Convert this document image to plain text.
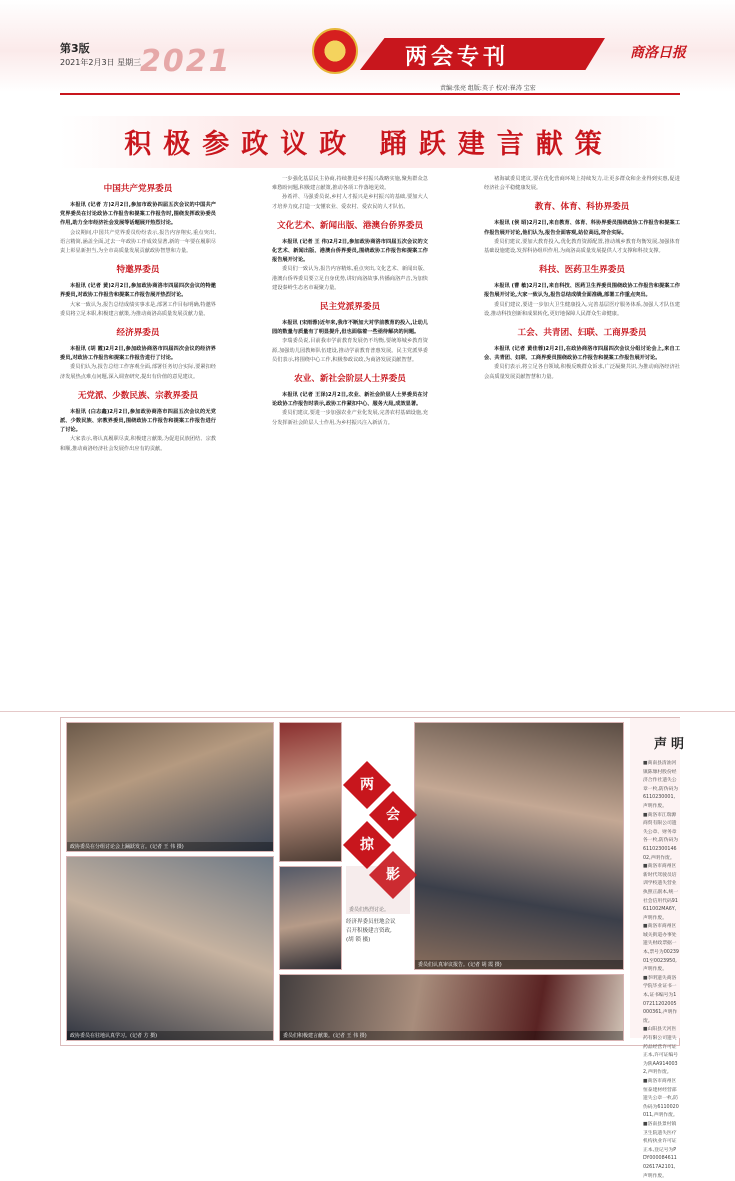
第3版
2021年2月3日 星期三
2021	两会专刊	商洛日报
责编:张亮 组版:英子 校对:崔涛 宝宏
积极参政议政 踊跃建言献策
中国共产党界委员

本报讯 (记者 方)2月2日,参加市政协四届五次会议的中国共产党界委员在讨论政协工作报告和提案工作报告时,围绕发挥政协委员作用,助力全市经济社会发展等话题展开热烈讨论。

会议期间,中国共产党界委员纷纷表示,报告内容翔实,重点突出,语言精简,涵盖全面,过去一年政协工作成效显著,新的一年要在履职尽责上彰显新担当,为全市高质量发展贡献政协智慧和力量。

特邀界委员

本报讯 (记者 黄)2月2日,参加政协商洛市四届四次会议的特邀界委员,对政协工作报告和提案工作报告展开热烈讨论。

大家一致认为,报告总结成绩实事求是,部署工作目标明确,特邀界委员将立足本职,积极建言献策,为推动商洛高质量发展贡献力量。

经济界委员

本报讯 (胡 霞)2月2日,参加政协商洛市四届四次会议的经济界委员,对政协工作报告和提案工作报告进行了讨论。

委员们认为,报告总结工作客观全面,部署任务切合实际,要紧扣经济发展热点难点问题,深入调查研究,提出有价值的意见建议。

无党派、少数民族、宗教界委员

本报讯 (白志鑫)2月2日,参加政协商洛市四届五次会议的无党派、少数民族、宗教界委员,围绕政协工作报告和提案工作报告进行了讨论。

大家表示,将认真履职尽责,积极建言献策,为促进民族团结、宗教和顺,推动商洛经济社会发展作出应有的贡献。

一步强化基层民主协商,持续推进乡村振兴战略实施,聚焦群众急难愁盼问题,积极建言献策,推动各项工作落地见效。

孙希祥、马强委员说,乡村人才振兴是乡村振兴的基础,要加大人才培养力度,打造一支懂农业、爱农村、爱农民的人才队伍。

文化艺术、新闻出版、港澳台侨界委员

本报讯 (记者 王 伟)2月2日,参加政协商洛市四届五次会议的文化艺术、新闻出版、港澳台侨界委员,围绕政协工作报告和提案工作报告展开讨论。

委员们一致认为,报告内容精炼,重点突出,文化艺术、新闻出版、港澳台侨界委员要立足自身优势,讲好商洛故事,传播商洛声音,为加快建设秦岭生态名市凝聚力量。

民主党派界委员

本报讯 (宋雨蓉)近年来,我市不断加大对学前教育的投入,让幼儿园的数量与质量有了明显提升,但也面临着一些亟待解决的问题。

李瑞委员说,目前我市学前教育发展仍不均衡,要统筹城乡教育资源,加强幼儿园教师队伍建设,推动学前教育普惠发展。民主党派界委员们表示,将围绕中心工作,积极参政议政,为商洛发展贡献智慧。

农业、新社会阶层人士界委员

本报讯 (记者 王泽)2月2日,农业、新社会阶层人士界委员在讨论政协工作报告时表示,政协工作紧扣中心、服务大局,成效显著。

委员们建议,要进一步加强农业产业化发展,完善农村基础设施,充分发挥新社会阶层人士作用,为乡村振兴注入新活力。

褚海斌委员建议,要在优化营商环境上持续发力,让更多群众和企业得到实惠,促进经济社会平稳健康发展。

教育、体育、科协界委员

本报讯 (侯 昭)2月2日,来自教育、体育、科协界委员围绕政协工作报告和提案工作报告展开讨论,他们认为,报告全面客观,站位高远,符合实际。

委员们建议,要加大教育投入,优化教育资源配置,推动城乡教育均衡发展,加强体育基础设施建设,发挥科协组织作用,为商洛高质量发展提供人才支撑和科技支撑。

科技、医药卫生界委员

本报讯 (曹 敏)2月2日,来自科技、医药卫生界委员围绕政协工作报告和提案工作报告展开讨论,大家一致认为,报告总结成绩全面准确,部署工作重点突出。

委员们建议,要进一步加大卫生健康投入,完善基层医疗服务体系,加强人才队伍建设,推动科技创新和成果转化,更好地保障人民群众生命健康。

工会、共青团、妇联、工商界委员

本报讯 (记者 黄佳蓉)2月2日,在政协商洛市四届四次会议分组讨论会上,来自工会、共青团、妇联、工商界委员围绕政协工作报告和提案工作报告展开讨论。

委员们表示,将立足各自领域,积极反映群众诉求,广泛凝聚共识,为推动商洛经济社会高质量发展贡献智慧和力量。

政协委员在分组讨论会上踊跃发言。(记者 王 伟 摄)
政协委员在驻地认真学习。(记者 方 摄)	委员们积极建言献策。(记者 王 伟 摄)
委员们认真审议报告。(记者 胡 霞 摄)
委员们热烈讨论。
两
会
掠
影
经济界委员驻地会议召开积极建言资政,(胡 锁 摄)
声明

■商南县清油河镇陈塬村股份经济合作社遗失公章一枚,防伪码为6110230001,声明作废。

■商洛市江瑞源商贸有限公司遗失公章、财务章各一枚,防伪码为6110230014602,声明作废。

■商洛市商州区新时代驾驶员培训学校遗失营业执照正副本,统一社会信用代码91611002MA6Y,声明作废。

■商洛市商州区城关街道办事处遗失财政票据一本,票号为0023901至0023950,声明作废。

■李明遗失商洛学院毕业证书一本,证书编号为107211202005000361,声明作废。

■山阳县天河医药有限公司遗失药品经营许可证正本,许可证编号为陕AA9140032,声明作废。

■商洛市商州区恒泰建材经营部遗失公章一枚,防伪码为6110020011,声明作废。

■洛南县景村镇卫生院遗失医疗机构执业许可证正本,登记号为PDY00008461102617A2101,声明作废。
